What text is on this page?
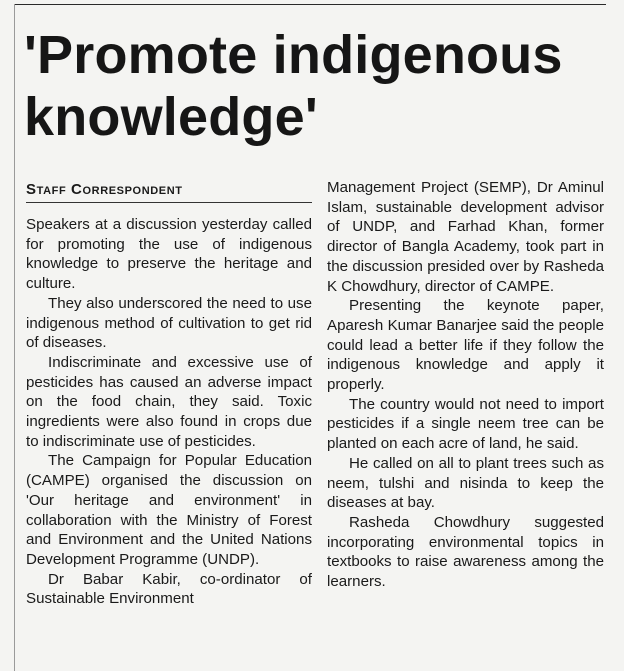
'Promote indigenous knowledge'
Staff Correspondent

Speakers at a discussion yesterday called for promoting the use of indigenous knowledge to preserve the heritage and culture.

They also underscored the need to use indigenous method of cultivation to get rid of diseases.

Indiscriminate and excessive use of pesticides has caused an adverse impact on the food chain, they said. Toxic ingredients were also found in crops due to indiscriminate use of pesticides.

The Campaign for Popular Education (CAMPE) organised the discussion on 'Our heritage and environment' in collaboration with the Ministry of Forest and Environment and the United Nations Development Programme (UNDP).

Dr Babar Kabir, co-ordinator of Sustainable Environment

Management Project (SEMP), Dr Aminul Islam, sustainable development advisor of UNDP, and Farhad Khan, former director of Bangla Academy, took part in the discussion presided over by Rasheda K Chowdhury, director of CAMPE.

Presenting the keynote paper, Aparesh Kumar Banarjee said the people could lead a better life if they follow the indigenous knowledge and apply it properly.

The country would not need to import pesticides if a single neem tree can be planted on each acre of land, he said.

He called on all to plant trees such as neem, tulshi and nisinda to keep the diseases at bay.

Rasheda Chowdhury suggested incorporating environmental topics in textbooks to raise awareness among the learners.
